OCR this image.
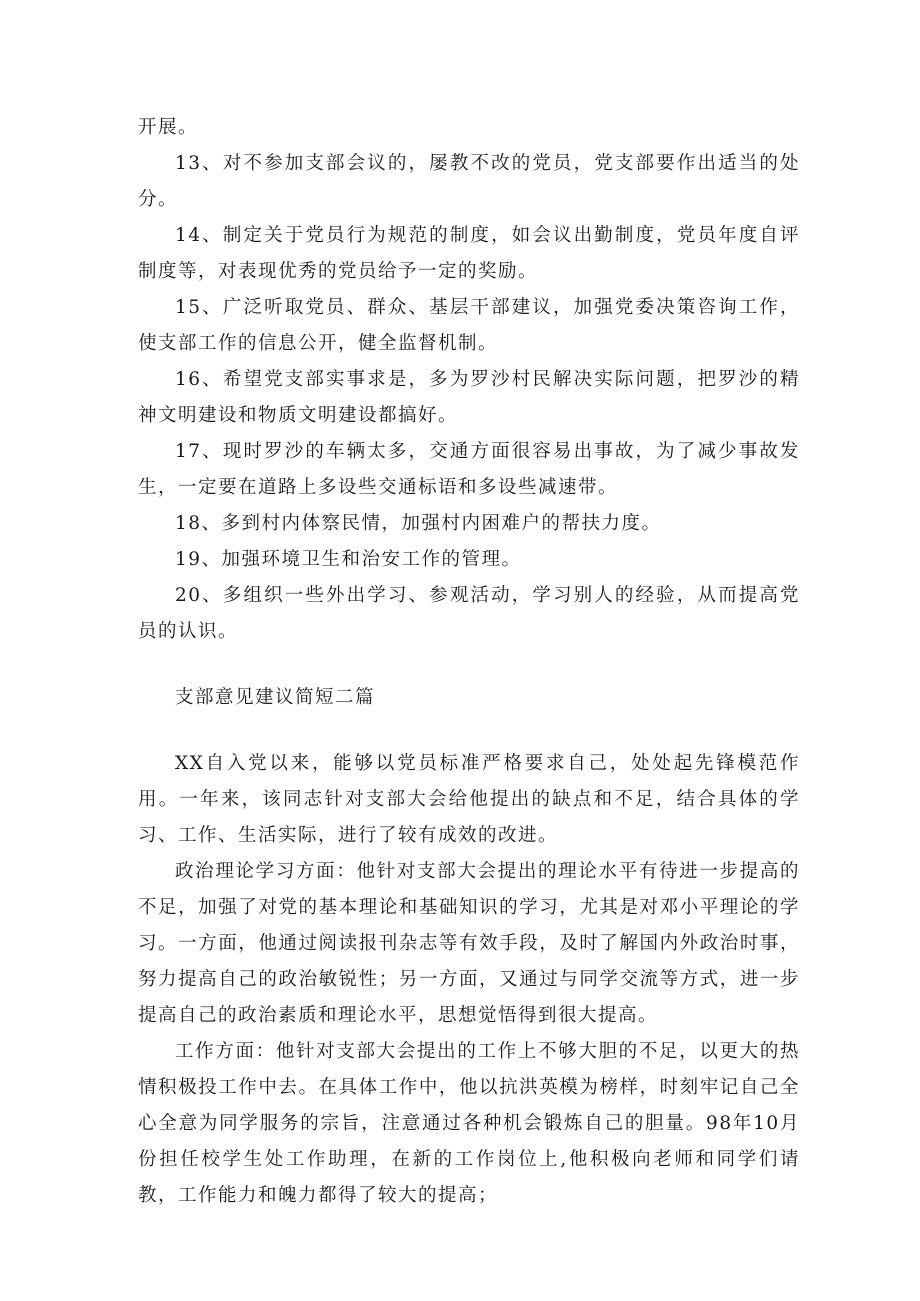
开展。

13、对不参加支部会议的，屡教不改的党员，党支部要作出适当的处分。

14、制定关于党员行为规范的制度，如会议出勤制度，党员年度自评制度等，对表现优秀的党员给予一定的奖励。

15、广泛听取党员、群众、基层干部建议，加强党委决策咨询工作，使支部工作的信息公开，健全监督机制。

16、希望党支部实事求是，多为罗沙村民解决实际问题，把罗沙的精神文明建设和物质文明建设都搞好。

17、现时罗沙的车辆太多，交通方面很容易出事故，为了减少事故发生，一定要在道路上多设些交通标语和多设些减速带。

18、多到村内体察民情，加强村内困难户的帮扶力度。

19、加强环境卫生和治安工作的管理。

20、多组织一些外出学习、参观活动，学习别人的经验，从而提高党员的认识。

支部意见建议简短二篇

XX自入党以来，能够以党员标准严格要求自己，处处起先锋模范作用。一年来，该同志针对支部大会给他提出的缺点和不足，结合具体的学习、工作、生活实际，进行了较有成效的改进。

政治理论学习方面：他针对支部大会提出的理论水平有待进一步提高的不足，加强了对党的基本理论和基础知识的学习，尤其是对邓小平理论的学习。一方面，他通过阅读报刊杂志等有效手段，及时了解国内外政治时事，努力提高自己的政治敏锐性；另一方面，又通过与同学交流等方式，进一步提高自己的政治素质和理论水平，思想觉悟得到很大提高。

工作方面：他针对支部大会提出的工作上不够大胆的不足，以更大的热情积极投工作中去。在具体工作中，他以抗洪英模为榜样，时刻牢记自己全心全意为同学服务的宗旨，注意通过各种机会锻炼自己的胆量。98年10月份担任校学生处工作助理，在新的工作岗位上,他积极向老师和同学们请教，工作能力和魄力都得了较大的提高；
